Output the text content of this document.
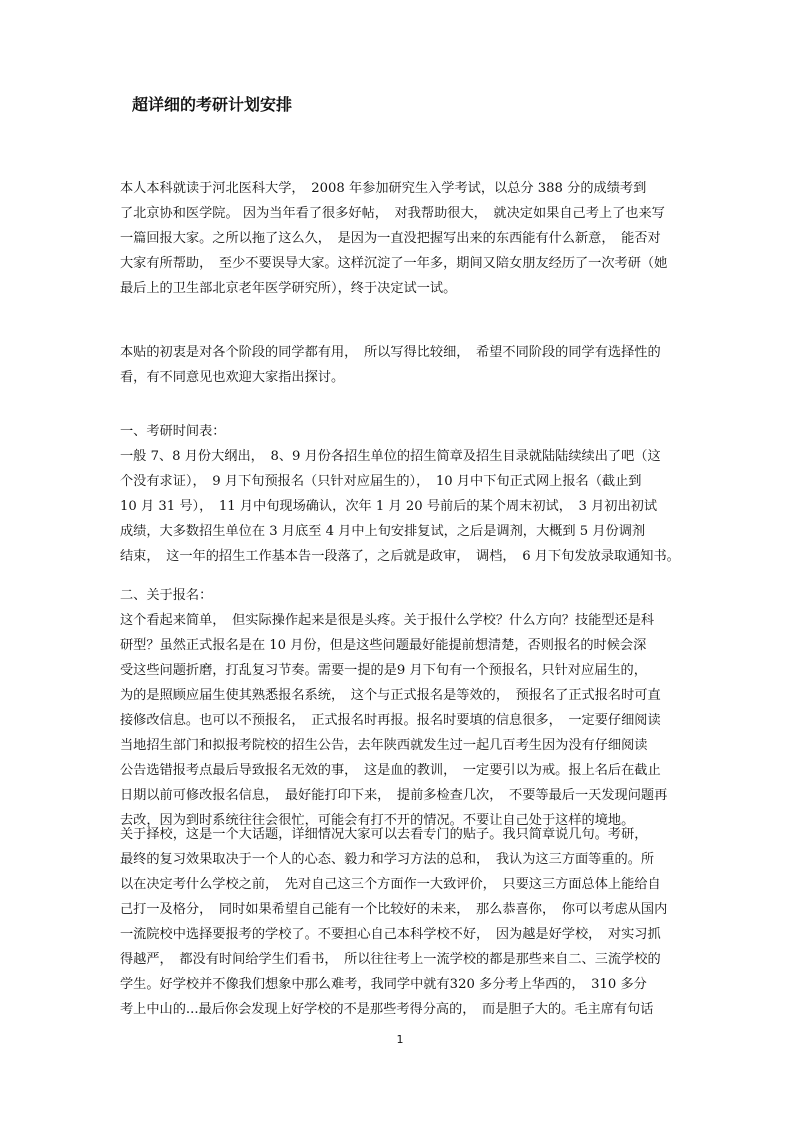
超详细的考研计划安排
本人本科就读于河北医科大学，　2008 年参加研究生入学考试，以总分 388 分的成绩考到
了北京协和医学院。 因为当年看了很多好帖，　对我帮助很大，　就决定如果自己考上了也来写
一篇回报大家。之所以拖了这么久，　是因为一直没把握写出来的东西能有什么新意，　能否对
大家有所帮助，　至少不要误导大家。这样沉淀了一年多，期间又陪女朋友经历了一次考研（她
最后上的卫生部北京老年医学研究所），终于决定试一试。
本贴的初衷是对各个阶段的同学都有用，　所以写得比较细，　希望不同阶段的同学有选择性的
看，有不同意见也欢迎大家指出探讨。
一、考研时间表：
一般 7、8 月份大纲出，　8、9 月份各招生单位的招生简章及招生目录就陆陆续续出了吧（这
个没有求证），　9 月下旬预报名（只针对应届生的），　10 月中下旬正式网上报名（截止到
10 月 31 号），　11 月中旬现场确认，次年 1 月 20 号前后的某个周末初试，　3 月初出初试
成绩，大多数招生单位在 3 月底至 4 月中上旬安排复试，之后是调剂，大概到 5 月份调剂
结束，　这一年的招生工作基本告一段落了，之后就是政审，　调档，　6 月下旬发放录取通知书。
二、关于报名：
这个看起来简单，　但实际操作起来是很是头疼。关于报什么学校？什么方向？技能型还是科
研型？虽然正式报名是在 10 月份，但是这些问题最好能提前想清楚，否则报名的时候会深
受这些问题折磨，打乱复习节奏。需要一提的是9 月下旬有一个预报名，只针对应届生的，
为的是照顾应届生使其熟悉报名系统，　这个与正式报名是等效的，　预报名了正式报名时可直
接修改信息。也可以不预报名，　正式报名时再报。报名时要填的信息很多，　一定要仔细阅读
当地招生部门和拟报考院校的招生公告，去年陕西就发生过一起几百考生因为没有仔细阅读
公告选错报考点最后导致报名无效的事，　这是血的教训，　一定要引以为戒。报上名后在截止
日期以前可修改报名信息，　最好能打印下来，　提前多检查几次，　不要等最后一天发现问题再
去改，因为到时系统往往会很忙，可能会有打不开的情况。不要让自己处于这样的境地。
关于择校，这是一个大话题，详细情况大家可以去看专门的贴子。我只简章说几句。考研，
最终的复习效果取决于一个人的心态、毅力和学习方法的总和，　我认为这三方面等重的。所
以在决定考什么学校之前，　先对自己这三个方面作一大致评价，　只要这三方面总体上能给自
己打一及格分，　同时如果希望自己能有一个比较好的未来，　那么恭喜你，　你可以考虑从国内
一流院校中选择要报考的学校了。不要担心自己本科学校不好，　因为越是好学校，　对实习抓
得越严，　都没有时间给学生们看书，　所以往往考上一流学校的都是那些来自二、三流学校的
学生。好学校并不像我们想象中那么难考，我同学中就有320 多分考上华西的，　310 多分
考上中山的...最后你会发现上好学校的不是那些考得分高的，　而是胆子大的。毛主席有句话
1
